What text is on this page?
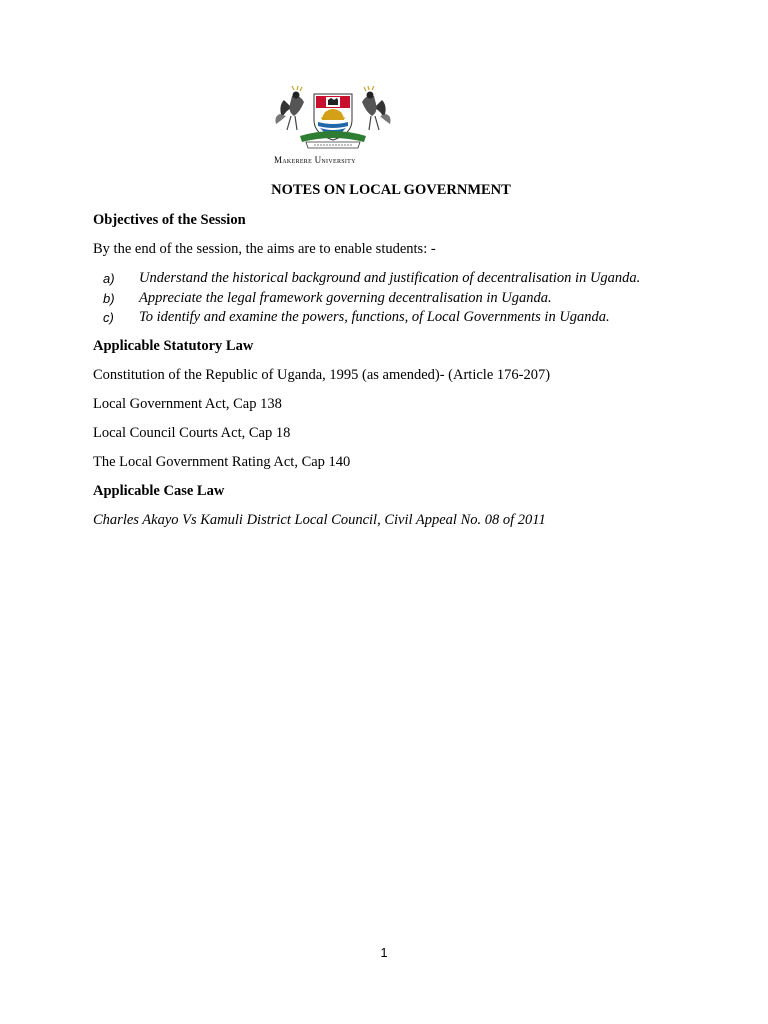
Makerere University
NOTES ON LOCAL GOVERNMENT
Objectives of the Session
By the end of the session, the aims are to enable students: -
a) Understand the historical background and justification of decentralisation in Uganda.
b) Appreciate the legal framework governing decentralisation in Uganda.
c) To identify and examine the powers, functions, of Local Governments in Uganda.
Applicable Statutory Law
Constitution of the Republic of Uganda, 1995 (as amended)- (Article 176-207)
Local Government Act, Cap 138
Local Council Courts Act, Cap 18
The Local Government Rating Act, Cap 140
Applicable Case Law
Charles Akayo Vs Kamuli District Local Council, Civil Appeal No. 08 of 2011
1
